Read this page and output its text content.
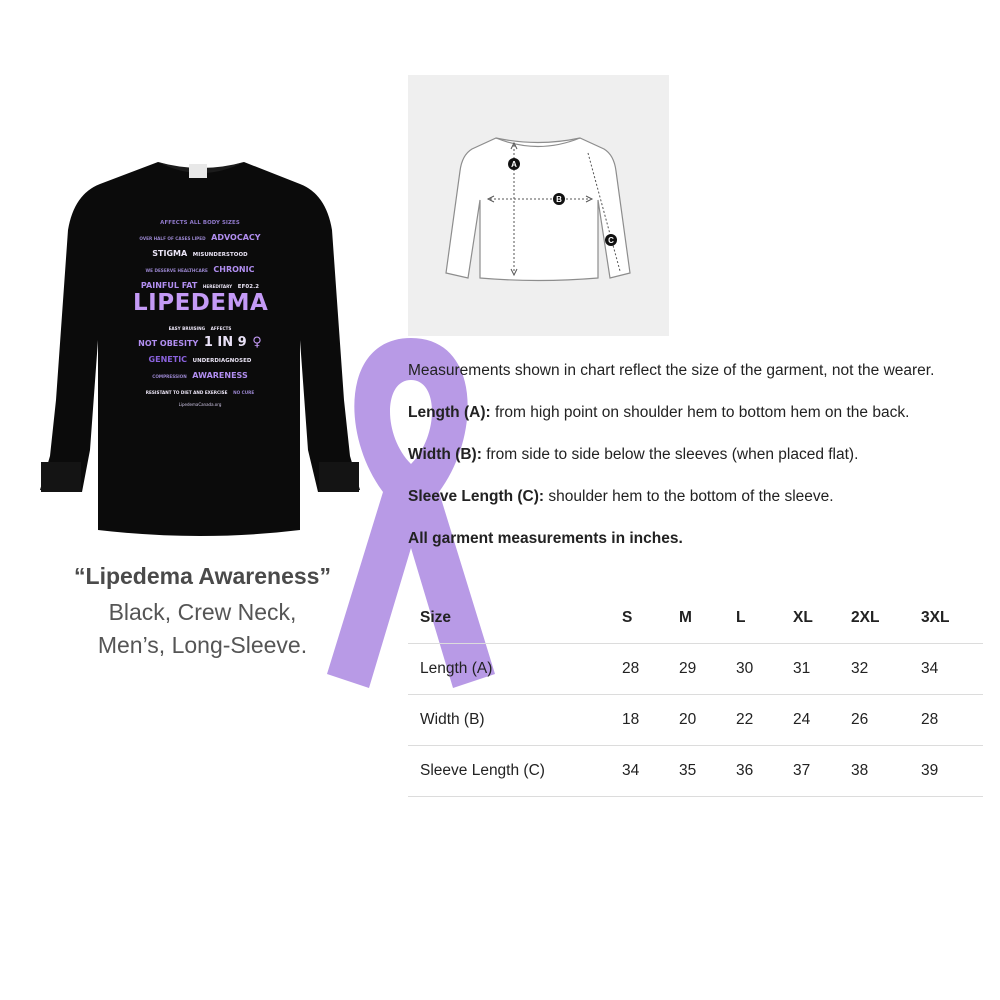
AFFECTS ALL BODY SIZES
OVER HALF OF CASES LIPED ADVOCACY
STIGMA MISUNDERSTOOD
WE DESERVE HEALTHCARE CHRONIC
PAINFUL FAT HEREDITARY EF02.2
LIPEDEMA
EASY BRUISING AFFECTS
NOT OBESITY 1 IN 9 ♀
GENETIC UNDERDIAGNOSED
COMPRESSION AWARENESS
RESISTANT TO DIET AND EXERCISE NO CURE
LipedemaCanada.org
“Lipedema Awareness”
Black, Crew Neck,
Men’s, Long-Sleeve.
A
B
C

Measurements shown in chart reflect the size of the garment, not the wearer.

Length (A): from high point on shoulder hem to bottom hem on the back.

Width (B): from side to side below the sleeves (when placed flat).

Sleeve Length (C): shoulder hem to the bottom of the sleeve.

All garment measurements in inches.

Size	S	M	L	XL	2XL	3XL
Length (A)	28	29	30	31	32	34
Width (B)	18	20	22	24	26	28
Sleeve Length (C)	34	35	36	37	38	39
